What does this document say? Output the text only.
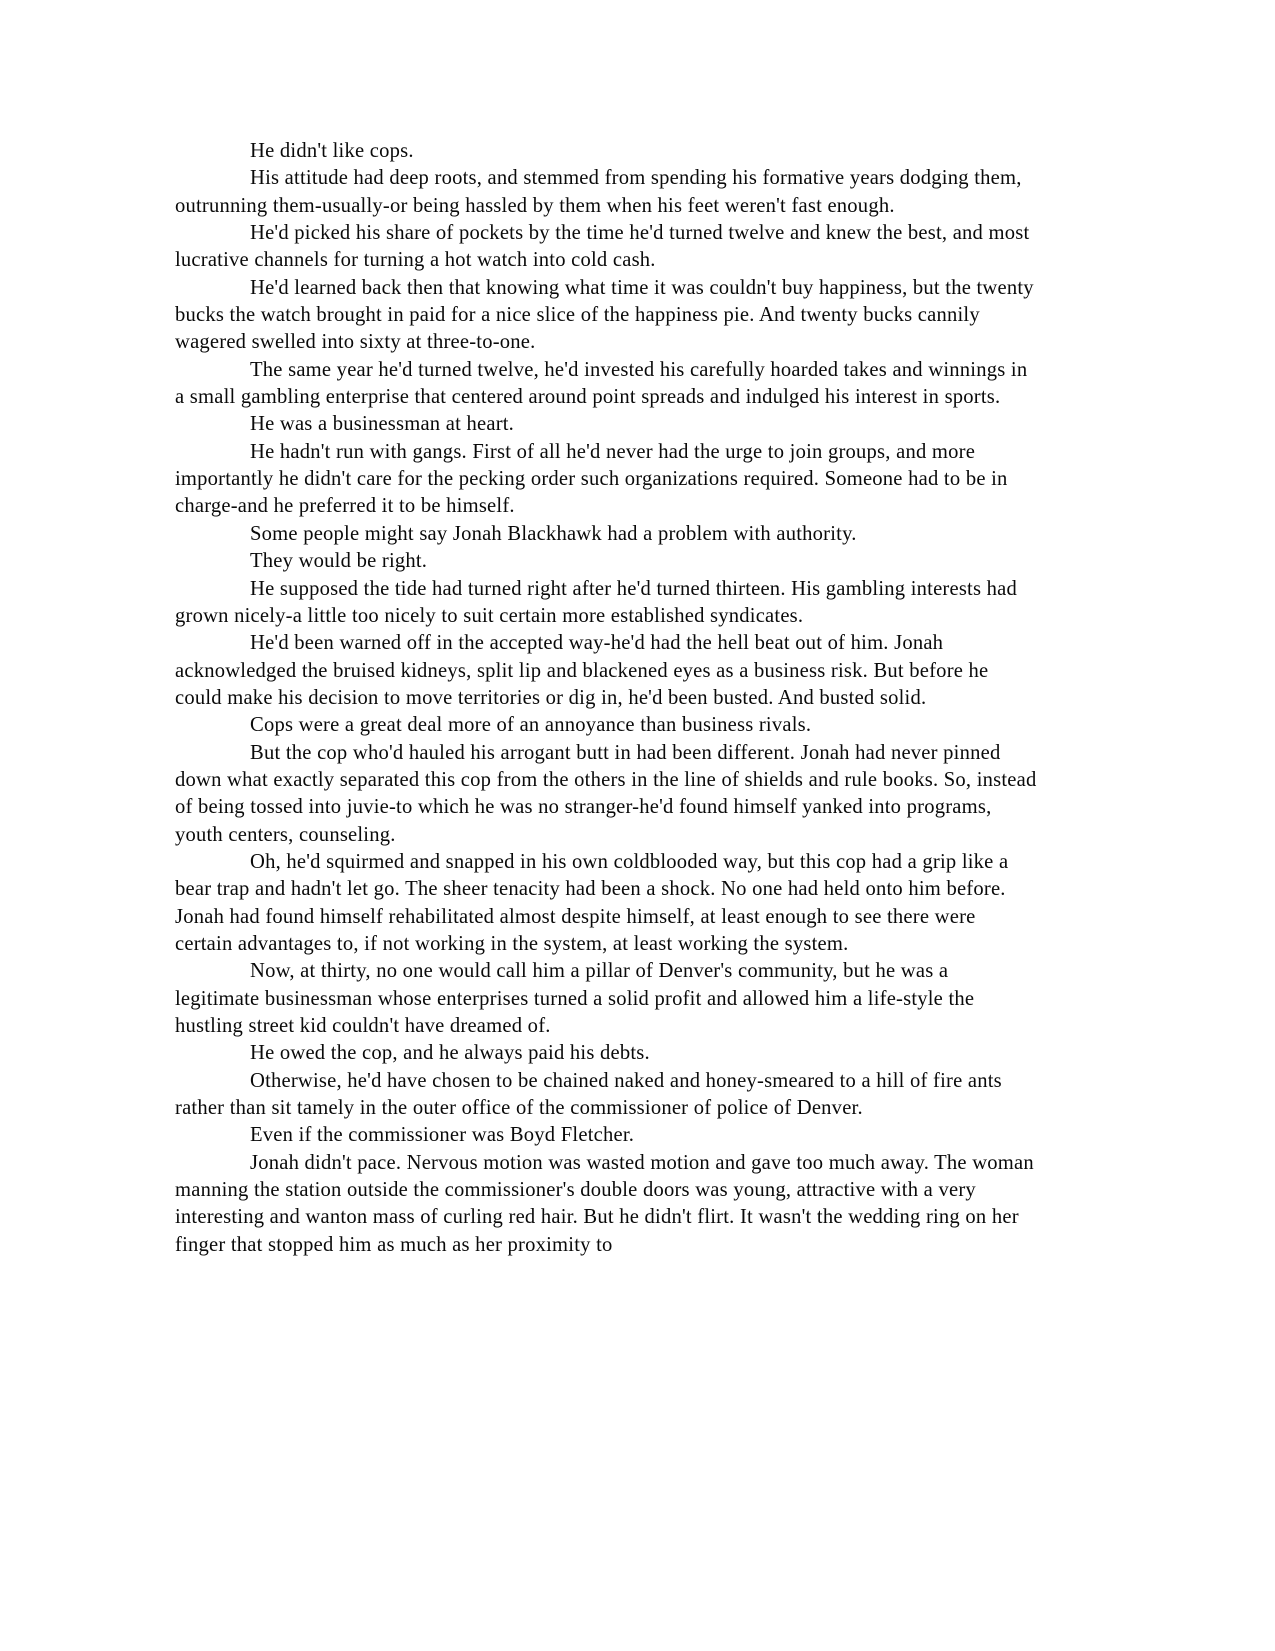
He didn't like cops.

His attitude had deep roots, and stemmed from spending his formative years dodging them, outrunning them-usually-or being hassled by them when his feet weren't fast enough.

He'd picked his share of pockets by the time he'd turned twelve and knew the best, and most lucrative channels for turning a hot watch into cold cash.

He'd learned back then that knowing what time it was couldn't buy happiness, but the twenty bucks the watch brought in paid for a nice slice of the happiness pie. And twenty bucks cannily wagered swelled into sixty at three-to-one.

The same year he'd turned twelve, he'd invested his carefully hoarded takes and winnings in a small gambling enterprise that centered around point spreads and indulged his interest in sports.

He was a businessman at heart.

He hadn't run with gangs. First of all he'd never had the urge to join groups, and more importantly he didn't care for the pecking order such organizations required. Someone had to be in charge-and he preferred it to be himself.

Some people might say Jonah Blackhawk had a problem with authority.

They would be right.

He supposed the tide had turned right after he'd turned thirteen. His gambling interests had grown nicely-a little too nicely to suit certain more established syndicates.

He'd been warned off in the accepted way-he'd had the hell beat out of him. Jonah acknowledged the bruised kidneys, split lip and blackened eyes as a business risk. But before he could make his decision to move territories or dig in, he'd been busted. And busted solid.

Cops were a great deal more of an annoyance than business rivals.

But the cop who'd hauled his arrogant butt in had been different. Jonah had never pinned down what exactly separated this cop from the others in the line of shields and rule books. So, instead of being tossed into juvie-to which he was no stranger-he'd found himself yanked into programs, youth centers, counseling.

Oh, he'd squirmed and snapped in his own coldblooded way, but this cop had a grip like a bear trap and hadn't let go. The sheer tenacity had been a shock. No one had held onto him before. Jonah had found himself rehabilitated almost despite himself, at least enough to see there were certain advantages to, if not working in the system, at least working the system.

Now, at thirty, no one would call him a pillar of Denver's community, but he was a legitimate businessman whose enterprises turned a solid profit and allowed him a life-style the hustling street kid couldn't have dreamed of.

He owed the cop, and he always paid his debts.

Otherwise, he'd have chosen to be chained naked and honey-smeared to a hill of fire ants rather than sit tamely in the outer office of the commissioner of police of Denver.

Even if the commissioner was Boyd Fletcher.

Jonah didn't pace. Nervous motion was wasted motion and gave too much away. The woman manning the station outside the commissioner's double doors was young, attractive with a very interesting and wanton mass of curling red hair. But he didn't flirt. It wasn't the wedding ring on her finger that stopped him as much as her proximity to
